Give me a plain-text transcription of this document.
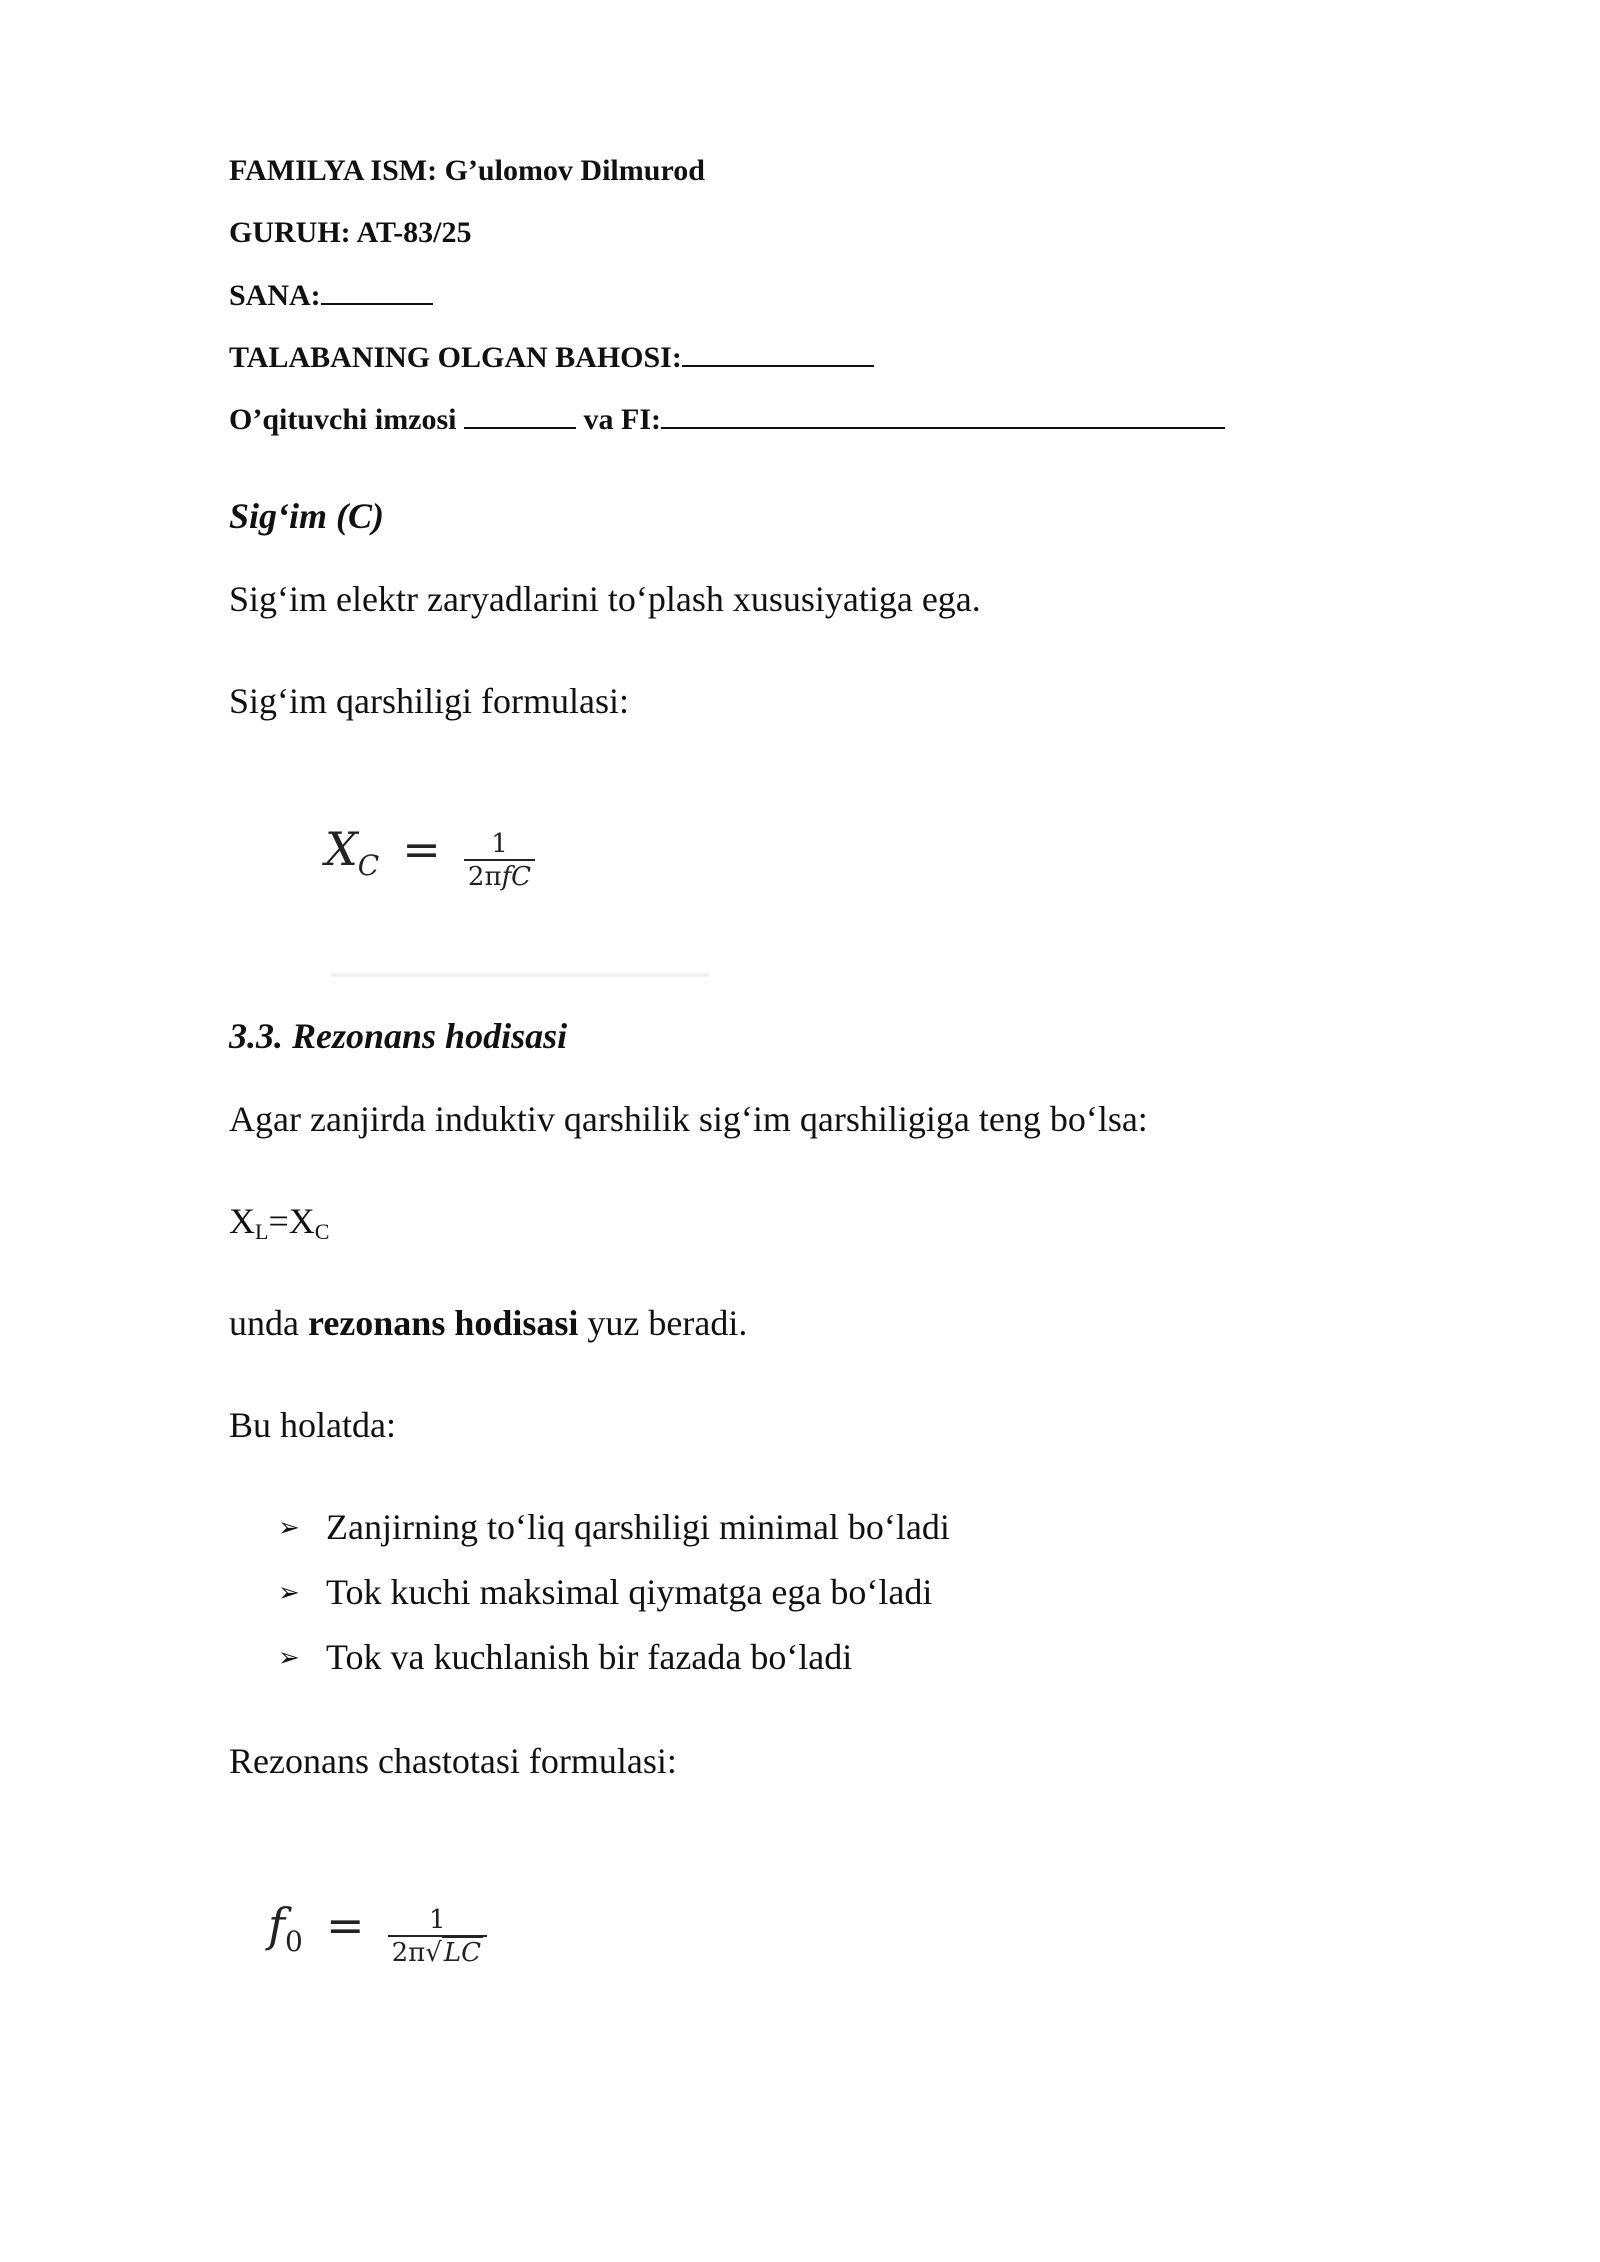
FAMILYA ISM: G’ulomov Dilmurod
GURUH: AT-83/25
SANA:
TALABANING OLGAN BAHOSI:
O’qituvchi imzosi	va FI:
Sig‘im (C)
Sig‘im elektr zaryadlarini to‘plash xususiyatiga ega.
Sig‘im qarshiligi formulasi:
XC = $\frac{1}{\text{2πfC}}$
3.3. Rezonans hodisasi
Agar zanjirda induktiv qarshilik sig‘im qarshiligiga teng bo‘lsa:
$X_L=X_C$
unda rezonans hodisasi yuz beradi.
Bu holatda:
➢ Zanjirning to‘liq qarshiligi minimal bo‘ladi
➢ Tok kuchi maksimal qiymatga ega bo‘ladi
➢ Tok va kuchlanish bir fazada bo‘ladi
Rezonans chastotasi formulasi:
$f0 = \frac{1}{2\pi√LC}$
